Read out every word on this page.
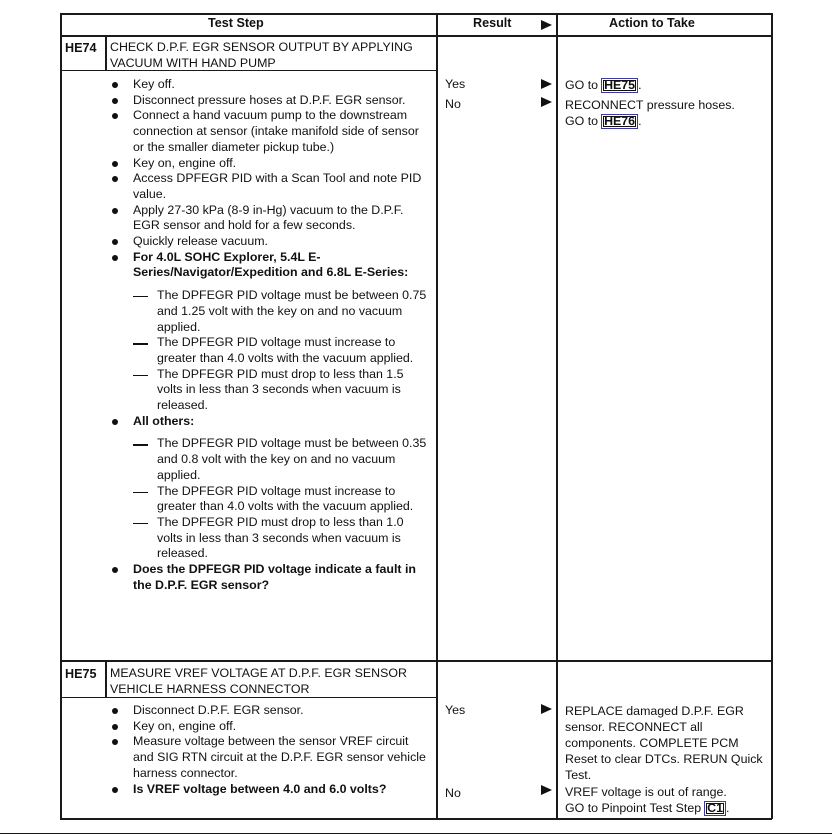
Test Step	Result	Action to Take
HE74 CHECK D.P.F. EGR SENSOR OUTPUT BY APPLYING VACUUM WITH HAND PUMP
Key off.
Disconnect pressure hoses at D.P.F. EGR sensor.
Connect a hand vacuum pump to the downstream connection at sensor (intake manifold side of sensor or the smaller diameter pickup tube.)
Key on, engine off.
Access DPFEGR PID with a Scan Tool and note PID value.
Apply 27-30 kPa (8-9 in-Hg) vacuum to the D.P.F. EGR sensor and hold for a few seconds.
Quickly release vacuum.
For 4.0L SOHC Explorer, 5.4L E-Series/Navigator/Expedition and 6.8L E-Series:
The DPFEGR PID voltage must be between 0.75 and 1.25 volt with the key on and no vacuum applied.
The DPFEGR PID voltage must increase to greater than 4.0 volts with the vacuum applied.
The DPFEGR PID must drop to less than 1.5 volts in less than 3 seconds when vacuum is released.
All others:
The DPFEGR PID voltage must be between 0.35 and 0.8 volt with the key on and no vacuum applied.
The DPFEGR PID voltage must increase to greater than 4.0 volts with the vacuum applied.
The DPFEGR PID must drop to less than 1.0 volts in less than 3 seconds when vacuum is released.
Does the DPFEGR PID voltage indicate a fault in the D.P.F. EGR sensor?
Yes
No
GO to HE75 .
RECONNECT pressure hoses.
GO to HE76 .
HE75 MEASURE VREF VOLTAGE AT D.P.F. EGR SENSOR VEHICLE HARNESS CONNECTOR
Disconnect D.P.F. EGR sensor.
Key on, engine off.
Measure voltage between the sensor VREF circuit and SIG RTN circuit at the D.P.F. EGR sensor vehicle harness connector.
Is VREF voltage between 4.0 and 6.0 volts?
Yes
No
REPLACE damaged D.P.F. EGR sensor. RECONNECT all components. COMPLETE PCM Reset to clear DTCs. RERUN Quick Test.
VREF voltage is out of range.
GO to Pinpoint Test Step C1 .
